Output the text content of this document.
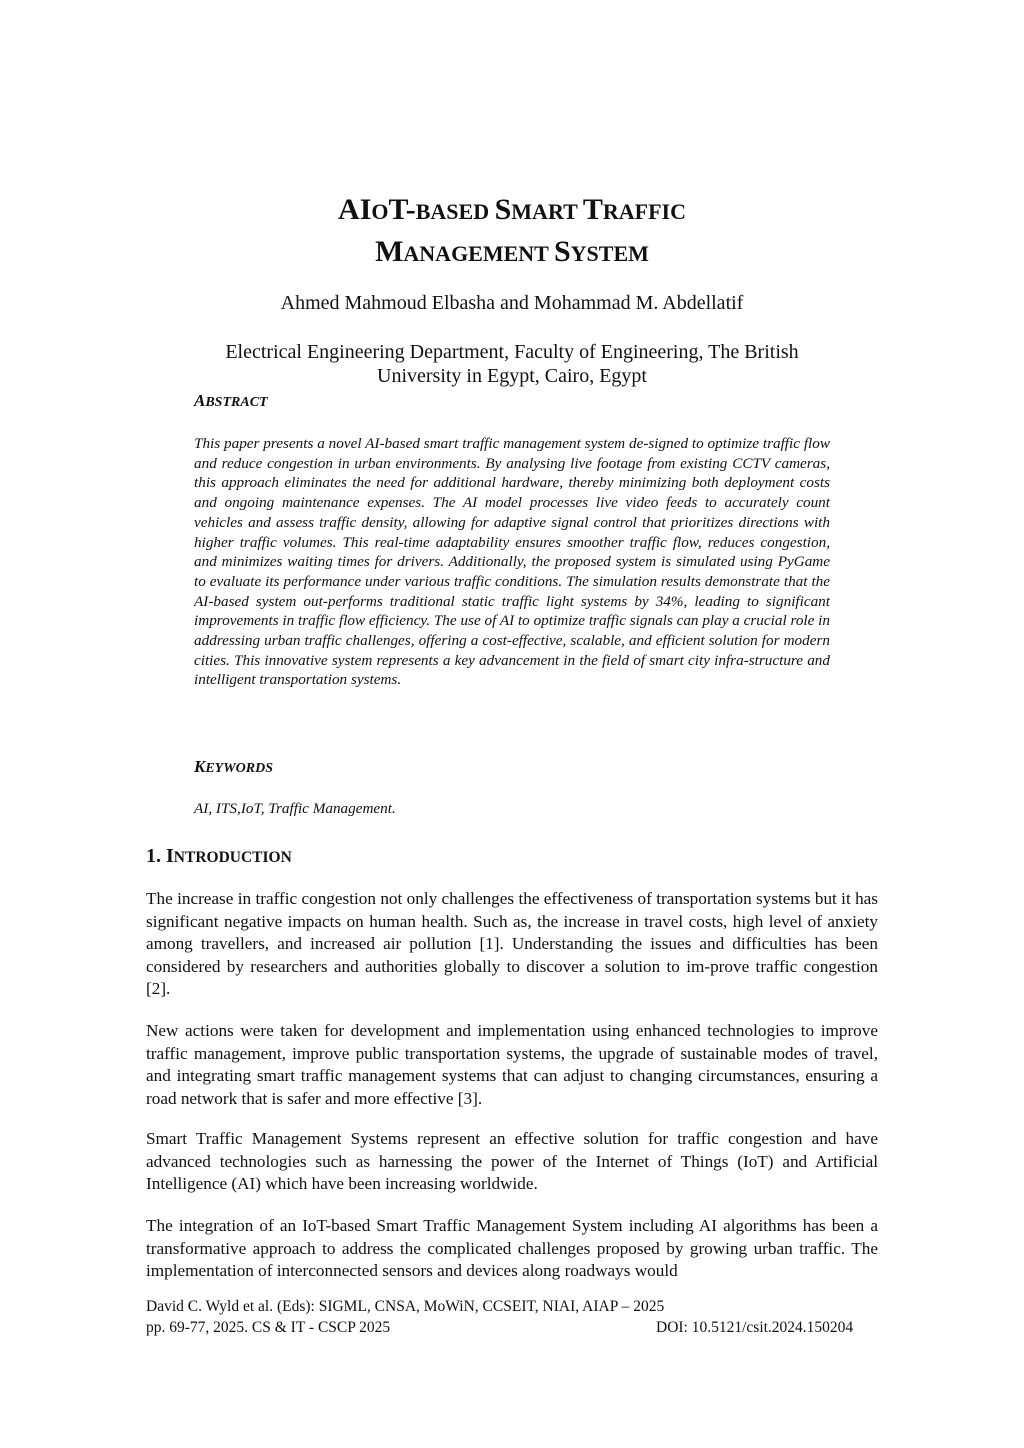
AIOT-BASED SMART TRAFFIC
MANAGEMENT SYSTEM
Ahmed Mahmoud Elbasha and Mohammad M. Abdellatif
Electrical Engineering Department, Faculty of Engineering, The British University in Egypt, Cairo, Egypt
ABSTRACT

This paper presents a novel AI-based smart traffic management system de-signed to optimize traffic flow and reduce congestion in urban environments. By analysing live footage from existing CCTV cameras, this approach eliminates the need for additional hardware, thereby minimizing both deployment costs and ongoing maintenance expenses. The AI model processes live video feeds to accurately count vehicles and assess traffic density, allowing for adaptive signal control that prioritizes directions with higher traffic volumes. This real-time adaptability ensures smoother traffic flow, reduces congestion, and minimizes waiting times for drivers. Additionally, the proposed system is simulated using PyGame to evaluate its performance under various traffic conditions. The simulation results demonstrate that the AI-based system out-performs traditional static traffic light systems by 34%, leading to significant improvements in traffic flow efficiency. The use of AI to optimize traffic signals can play a crucial role in addressing urban traffic challenges, offering a cost-effective, scalable, and efficient solution for modern cities. This innovative system represents a key advancement in the field of smart city infra-structure and intelligent transportation systems.

KEYWORDS
AI, ITS,IoT, Traffic Management.
1. INTRODUCTION

The increase in traffic congestion not only challenges the effectiveness of transportation systems but it has significant negative impacts on human health. Such as, the increase in travel costs, high level of anxiety among travellers, and increased air pollution [1]. Understanding the issues and difficulties has been considered by researchers and authorities globally to discover a solution to im-prove traffic congestion [2].

New actions were taken for development and implementation using enhanced technologies to improve traffic management, improve public transportation systems, the upgrade of sustainable modes of travel, and integrating smart traffic management systems that can adjust to changing circumstances, ensuring a road network that is safer and more effective [3].

Smart Traffic Management Systems represent an effective solution for traffic congestion and have advanced technologies such as harnessing the power of the Internet of Things (IoT) and Artificial Intelligence (AI) which have been increasing worldwide.

The integration of an IoT-based Smart Traffic Management System including AI algorithms has been a transformative approach to address the complicated challenges proposed by growing urban traffic. The implementation of interconnected sensors and devices along roadways would

David C. Wyld et al. (Eds): SIGML, CNSA, MoWiN, CCSEIT, NIAI, AIAP – 2025
pp. 69-77, 2025. CS & IT - CSCP 2025	DOI: 10.5121/csit.2024.150204
